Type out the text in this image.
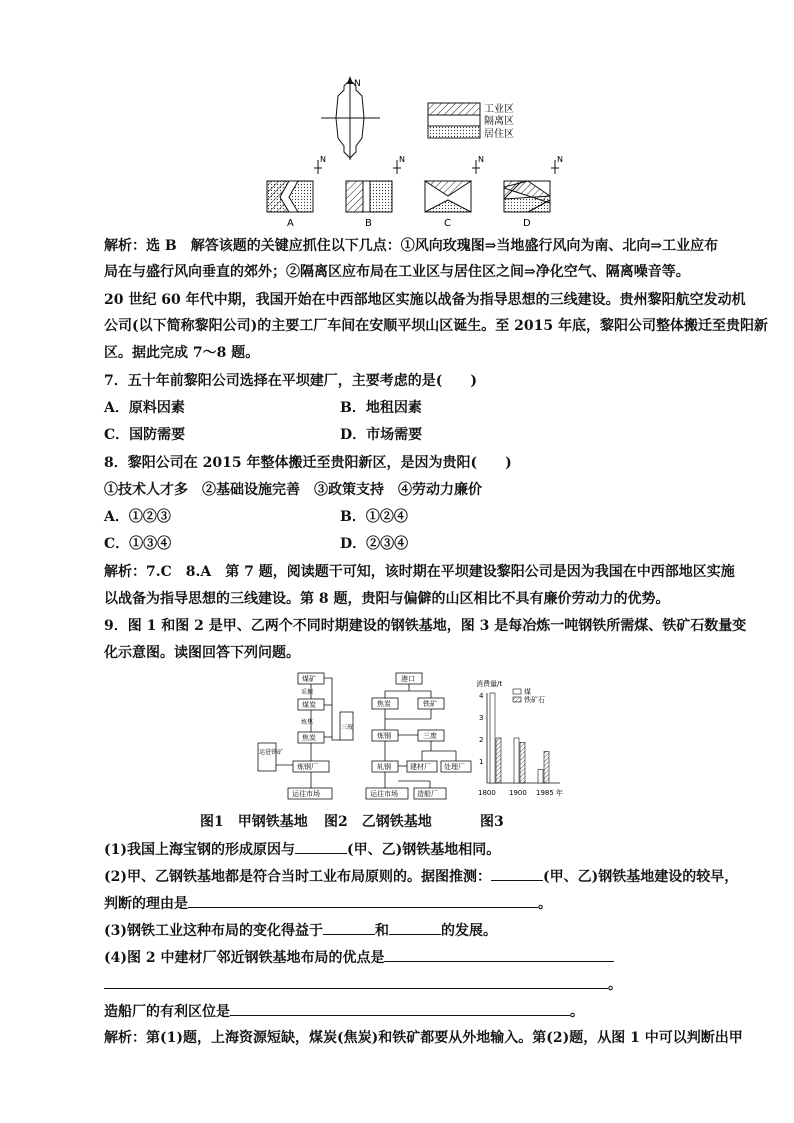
N
工业区
隔离区
居住区
N
A
N
B
N
C
N
D
解析：选 B　解答该题的关键应抓住以下几点：①风向玫瑰图⇒当地盛行风向为南、北向⇒工业应布
局在与盛行风向垂直的郊外；②隔离区应布局在工业区与居住区之间⇒净化空气、隔离噪音等。
20 世纪 60 年代中期，我国开始在中西部地区实施以战备为指导思想的三线建设。贵州黎阳航空发动机
公司(以下简称黎阳公司)的主要工厂车间在安顺平坝山区诞生。至 2015 年底，黎阳公司整体搬迁至贵阳新
区。据此完成 7～8 题。
7．五十年前黎阳公司选择在平坝建厂，主要考虑的是(　　)
A．原料因素	B．地租因素
C．国防需要	D．市场需要
8．黎阳公司在 2015 年整体搬迁至贵阳新区，是因为贵阳(　　)
①技术人才多　②基础设施完善　③政策支持　④劳动力廉价
A．①②③	B．①②④
C．①③④	D．②③④
解析：7.C　8.A　第 7 题，阅读题干可知，该时期在平坝建设黎阳公司是因为我国在中西部地区实施
以战备为指导思想的三线建设。第 8 题，贵阳与偏僻的山区相比不具有廉价劳动力的优势。
9．图 1 和图 2 是甲、乙两个不同时期建设的钢铁基地，图 3 是每冶炼一吨钢铁所需煤、铁矿石数量变
化示意图。读图回答下列问题。
煤矿
煤炭
焦炭
炼钢厂
运往市场
运进铁矿
三废
采掘
炼焦
港口
焦炭	铁矿
炼钢	三废
轧钢	建材厂 处理厂
运往市场	造船厂
消费量/t
4
3
2
1
1800 1900 1985 年
煤
铁矿石
图1　甲钢铁基地 图2　乙钢铁基地	图3
(1)我国上海宝钢的形成原因与	(甲、乙)钢铁基地相同。
(2)甲、乙钢铁基地都是符合当时工业布局原则的。据图推测：	(甲、乙)钢铁基地建设的较早，
判断的理由是	。
(3)钢铁工业这种布局的变化得益于	和	的发展。
(4)图 2 中建材厂邻近钢铁基地布局的优点是
。
造船厂的有利区位是	。
解析：第(1)题，上海资源短缺，煤炭(焦炭)和铁矿都要从外地输入。第(2)题，从图 1 中可以判断出甲
